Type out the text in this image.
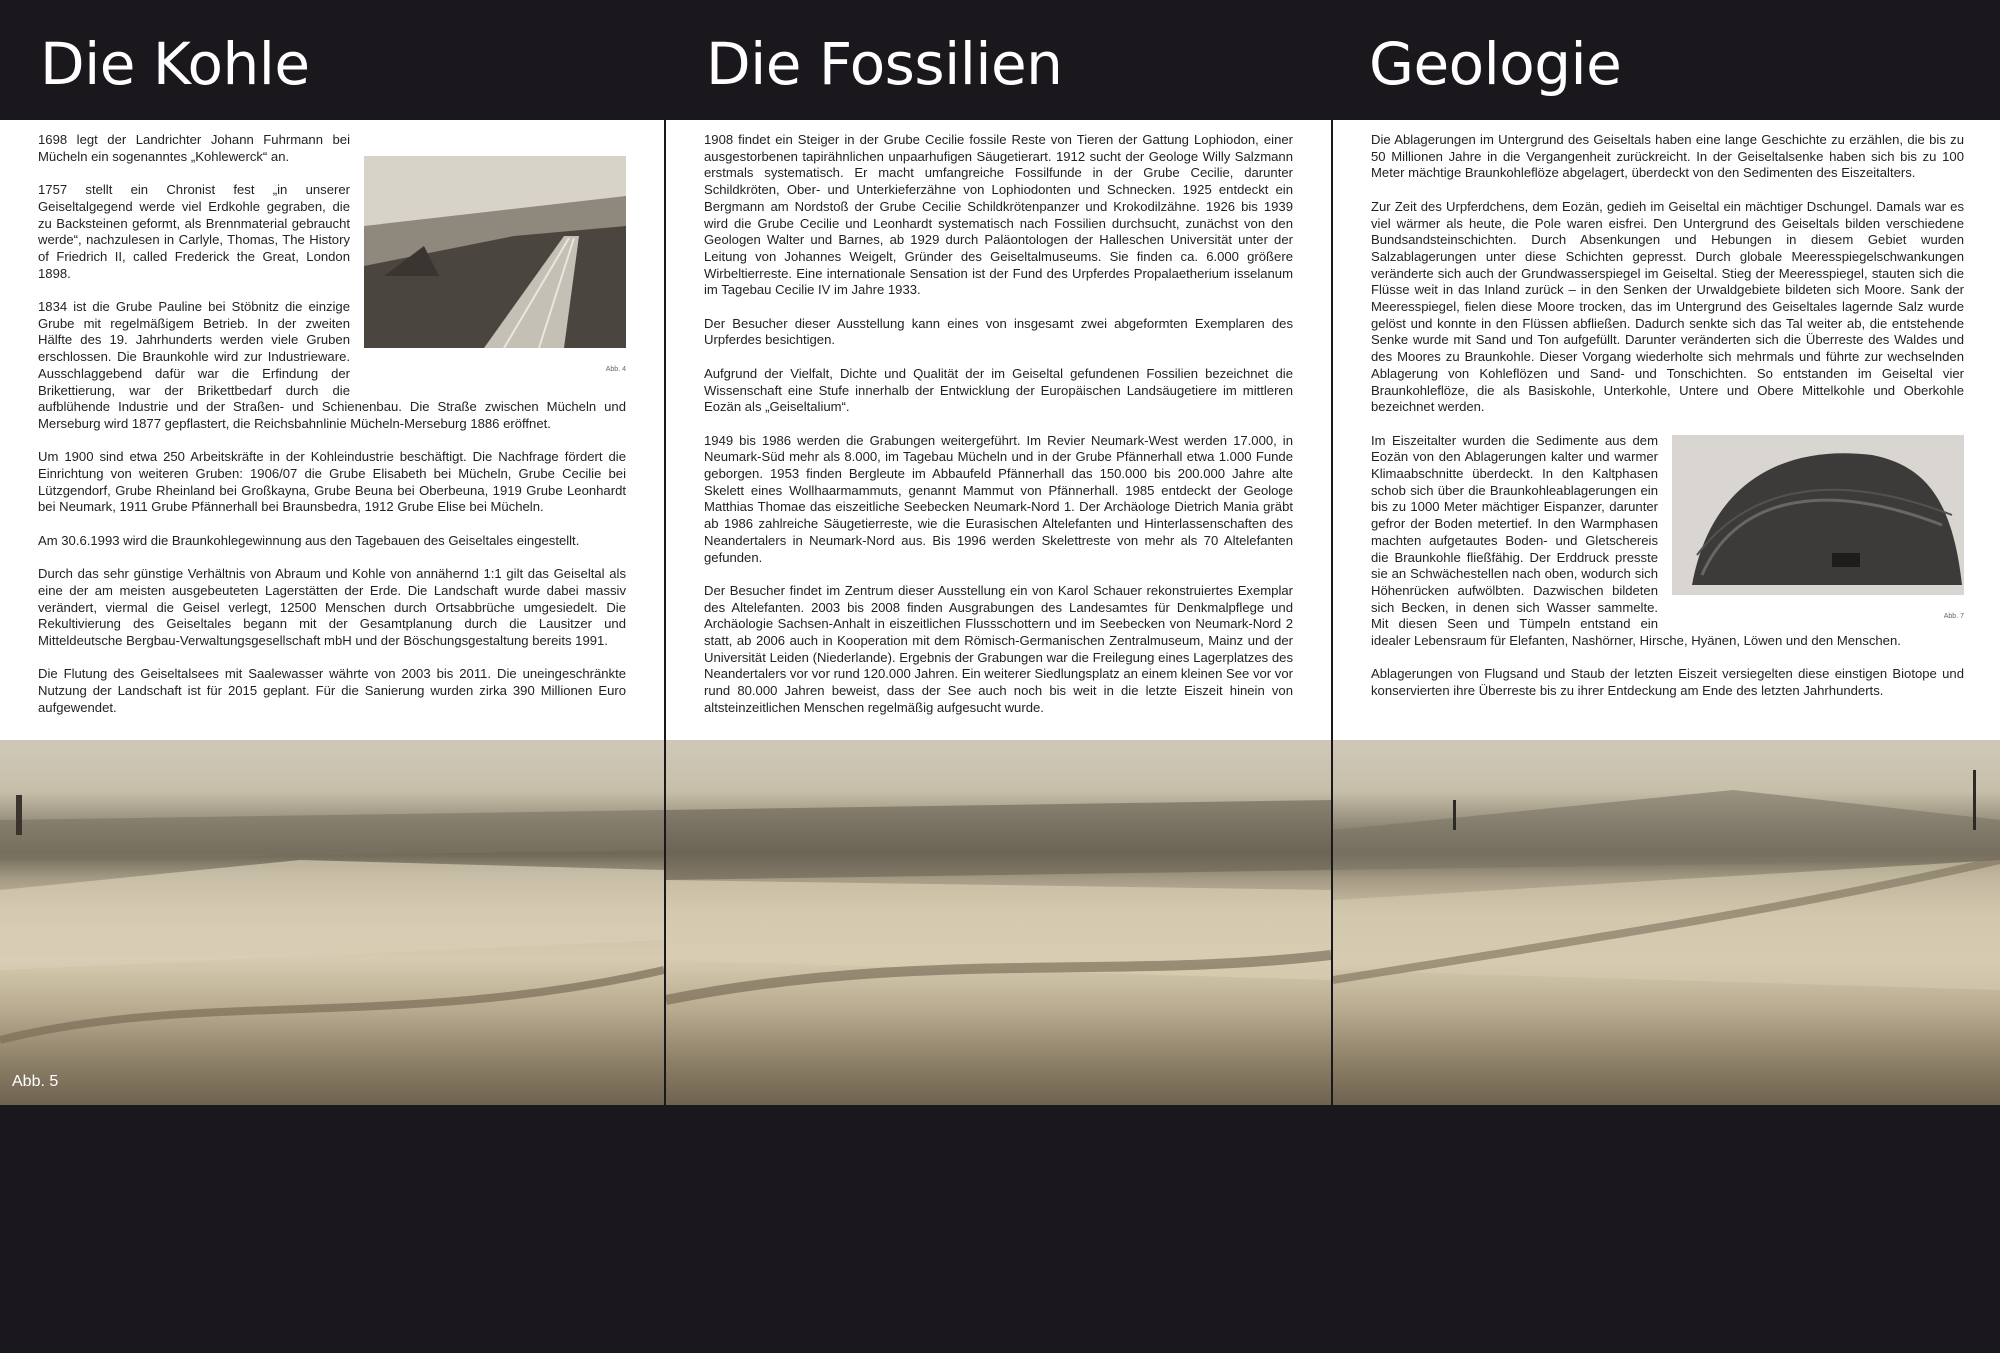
Die Kohle
Abb. 4

1698 legt der Landrichter Johann Fuhrmann bei Mücheln ein sogenanntes „Kohlewerck“ an.

1757 stellt ein Chronist fest „in unserer Geiseltalgegend werde viel Erdkohle gegraben, die zu Backsteinen geformt, als Brennmaterial gebraucht werde“, nachzulesen in Carlyle, Thomas, The History of Friedrich II, called Frederick the Great, London 1898.

1834 ist die Grube Pauline bei Stöbnitz die einzige Grube mit regelmäßigem Betrieb. In der zweiten Hälfte des 19. Jahrhunderts werden viele Gruben erschlossen. Die Braunkohle wird zur Industrieware. Ausschlaggebend dafür war die Erfindung der Brikettierung, war der Brikettbedarf durch die aufblühende Industrie und der Straßen- und Schienenbau. Die Straße zwischen Mücheln und Merseburg wird 1877 gepflastert, die Reichsbahnlinie Mücheln-Merseburg 1886 eröffnet.

Um 1900 sind etwa 250 Arbeitskräfte in der Kohleindustrie beschäftigt. Die Nachfrage fördert die Einrichtung von weiteren Gruben: 1906/07 die Grube Elisabeth bei Mücheln, Grube Cecilie bei Lützgendorf, Grube Rheinland bei Großkayna, Grube Beuna bei Oberbeuna, 1919 Grube Leonhardt bei Neumark, 1911 Grube Pfännerhall bei Braunsbedra, 1912 Grube Elise bei Mücheln.

Am 30.6.1993 wird die Braunkohlegewinnung aus den Tagebauen des Geiseltales eingestellt.

Durch das sehr günstige Verhältnis von Abraum und Kohle von annähernd 1:1 gilt das Geiseltal als eine der am meisten ausgebeuteten Lagerstätten der Erde. Die Landschaft wurde dabei massiv verändert, viermal die Geisel verlegt, 12500 Menschen durch Ortsabbrüche umgesiedelt. Die Rekultivierung des Geiseltales begann mit der Gesamtplanung durch die Lausitzer und Mitteldeutsche Bergbau-Verwaltungsgesellschaft mbH und der Böschungsgestaltung bereits 1991.

Die Flutung des Geiseltalsees mit Saalewasser währte von 2003 bis 2011. Die uneingeschränkte Nutzung der Landschaft ist für 2015 geplant. Für die Sanierung wurden zirka 390 Millionen Euro aufgewendet.

Abb. 5
Die Fossilien

1908 findet ein Steiger in der Grube Cecilie fossile Reste von Tieren der Gattung Lophiodon, einer ausgestorbenen tapirähnlichen unpaarhufigen Säugetierart. 1912 sucht der Geologe Willy Salzmann erstmals systematisch. Er macht umfangreiche Fossilfunde in der Grube Cecilie, darunter Schildkröten, Ober- und Unterkieferzähne von Lophiodonten und Schnecken. 1925 entdeckt ein Bergmann am Nordstoß der Grube Cecilie Schildkrötenpanzer und Krokodilzähne. 1926 bis 1939 wird die Grube Cecilie und Leonhardt systematisch nach Fossilien durchsucht, zunächst von den Geologen Walter und Barnes, ab 1929 durch Paläontologen der Halleschen Universität unter der Leitung von Johannes Weigelt, Gründer des Geiseltalmuseums. Sie finden ca. 6.000 größere Wirbeltierreste. Eine internationale Sensation ist der Fund des Urpferdes Propalaetherium isselanum im Tagebau Cecilie IV im Jahre 1933.

Der Besucher dieser Ausstellung kann eines von insgesamt zwei abgeformten Exemplaren des Urpferdes besichtigen.

Aufgrund der Vielfalt, Dichte und Qualität der im Geiseltal gefundenen Fossilien bezeichnet die Wissenschaft eine Stufe innerhalb der Entwicklung der Europäischen Landsäugetiere im mittleren Eozän als „Geiseltalium“.

1949 bis 1986 werden die Grabungen weitergeführt. Im Revier Neumark-West werden 17.000, in Neumark-Süd mehr als 8.000, im Tagebau Mücheln und in der Grube Pfännerhall etwa 1.000 Funde geborgen. 1953 finden Bergleute im Abbaufeld Pfännerhall das 150.000 bis 200.000 Jahre alte Skelett eines Wollhaarmammuts, genannt Mammut von Pfännerhall. 1985 entdeckt der Geologe Matthias Thomae das eiszeitliche Seebecken Neumark-Nord 1. Der Archäologe Dietrich Mania gräbt ab 1986 zahlreiche Säugetierreste, wie die Eurasischen Altelefanten und Hinterlassenschaften des Neandertalers in Neumark-Nord aus. Bis 1996 werden Skelettreste von mehr als 70 Altelefanten gefunden.

Der Besucher findet im Zentrum dieser Ausstellung ein von Karol Schauer rekonstruiertes Exemplar des Altelefanten. 2003 bis 2008 finden Ausgrabungen des Landesamtes für Denkmalpflege und Archäologie Sachsen-Anhalt in eiszeitlichen Flussschottern und im Seebecken von Neumark-Nord 2 statt, ab 2006 auch in Kooperation mit dem Römisch-Germanischen Zentralmuseum, Mainz und der Universität Leiden (Niederlande). Ergebnis der Grabungen war die Freilegung eines Lagerplatzes des Neandertalers vor vor rund 120.000 Jahren. Ein weiterer Siedlungsplatz an einem kleinen See vor vor rund 80.000 Jahren beweist, dass der See auch noch bis weit in die letzte Eiszeit hinein von altsteinzeitlichen Menschen regelmäßig aufgesucht wurde.

Geologie

Die Ablagerungen im Untergrund des Geiseltals haben eine lange Geschichte zu erzählen, die bis zu 50 Millionen Jahre in die Vergangenheit zurückreicht. In der Geiseltalsenke haben sich bis zu 100 Meter mächtige Braunkohleflöze abgelagert, überdeckt von den Sedimenten des Eiszeitalters.

Zur Zeit des Urpferdchens, dem Eozän, gedieh im Geiseltal ein mächtiger Dschungel. Damals war es viel wärmer als heute, die Pole waren eisfrei. Den Untergrund des Geiseltals bilden verschiedene Bundsandsteinschichten. Durch Absenkungen und Hebungen in diesem Gebiet wurden Salzablagerungen unter diese Schichten gepresst. Durch globale Meeresspiegelschwankungen veränderte sich auch der Grundwasserspiegel im Geiseltal. Stieg der Meeresspiegel, stauten sich die Flüsse weit in das Inland zurück – in den Senken der Urwaldgebiete bildeten sich Moore. Sank der Meeresspiegel, fielen diese Moore trocken, das im Untergrund des Geiseltales lagernde Salz wurde gelöst und konnte in den Flüssen abfließen. Dadurch senkte sich das Tal weiter ab, die entstehende Senke wurde mit Sand und Ton aufgefüllt. Darunter veränderten sich die Überreste des Waldes und des Moores zu Braunkohle. Dieser Vorgang wiederholte sich mehrmals und führte zur wechselnden Ablagerung von Kohleflözen und Sand- und Tonschichten. So entstanden im Geiseltal vier Braunkohleflöze, die als Basiskohle, Unterkohle, Untere und Obere Mittelkohle und Oberkohle bezeichnet werden.

Abb. 7

Im Eiszeitalter wurden die Sedimente aus dem Eozän von den Ablagerungen kalter und warmer Klimaabschnitte überdeckt. In den Kaltphasen schob sich über die Braunkohleablagerungen ein bis zu 1000 Meter mächtiger Eispanzer, darunter gefror der Boden metertief. In den Warmphasen machten aufgetautes Boden- und Gletschereis die Braunkohle fließfähig. Der Erddruck presste sie an Schwächestellen nach oben, wodurch sich Höhenrücken aufwölbten. Dazwischen bildeten sich Becken, in denen sich Wasser sammelte. Mit diesen Seen und Tümpeln entstand ein idealer Lebensraum für Elefanten, Nashörner, Hirsche, Hyänen, Löwen und den Menschen.

Ablagerungen von Flugsand und Staub der letzten Eiszeit versiegelten diese einstigen Biotope und konservierten ihre Überreste bis zu ihrer Entdeckung am Ende des letzten Jahrhunderts.
